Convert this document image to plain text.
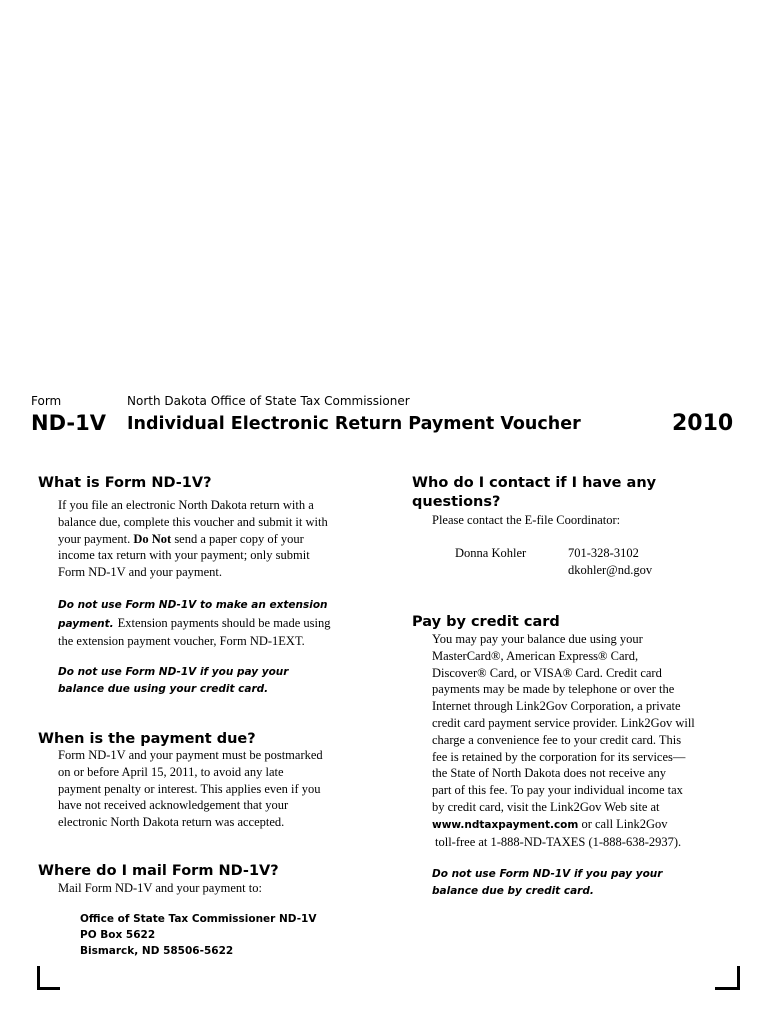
Form	North Dakota Office of State Tax Commissioner
ND-1V Individual Electronic Return Payment Voucher	2010
What is Form ND-1V?

If you file an electronic North Dakota return with a

balance due, complete this voucher and submit it with

your payment. Do Not send a paper copy of your

income tax return with your payment; only submit

Form ND-1V and your payment.

Do not use Form ND-1V to make an extension

payment. Extension payments should be made using

the extension payment voucher, Form ND-1EXT.

Do not use Form ND-1V if you pay your

balance due using your credit card.

When is the payment due?

Form ND-1V and your payment must be postmarked

on or before April 15, 2011, to avoid any late

payment penalty or interest. This applies even if you

have not received acknowledgement that your

electronic North Dakota return was accepted.

Where do I mail Form ND-1V?
Mail Form ND-1V and your payment to:

Office of State Tax Commissioner ND-1V

PO Box 5622

Bismarck, ND 58506-5622

Who do I contact if I have any

questions?

Please contact the E-file Coordinator:
Donna Kohler	701-328-3102

dkohler@nd.gov

Pay by credit card

You may pay your balance due using your

MasterCard®, American Express® Card,

Discover® Card, or VISA® Card. Credit card

payments may be made by telephone or over the

Internet through Link2Gov Corporation, a private

credit card payment service provider. Link2Gov will

charge a convenience fee to your credit card. This

fee is retained by the corporation for its services—

the State of North Dakota does not receive any

part of this fee. To pay your individual income tax

by credit card, visit the Link2Gov Web site at

www.ndtaxpayment.com or call Link2Gov

toll-free at 1-888-ND-TAXES (1-888-638-2937).

Do not use Form ND-1V if you pay your

balance due by credit card.
